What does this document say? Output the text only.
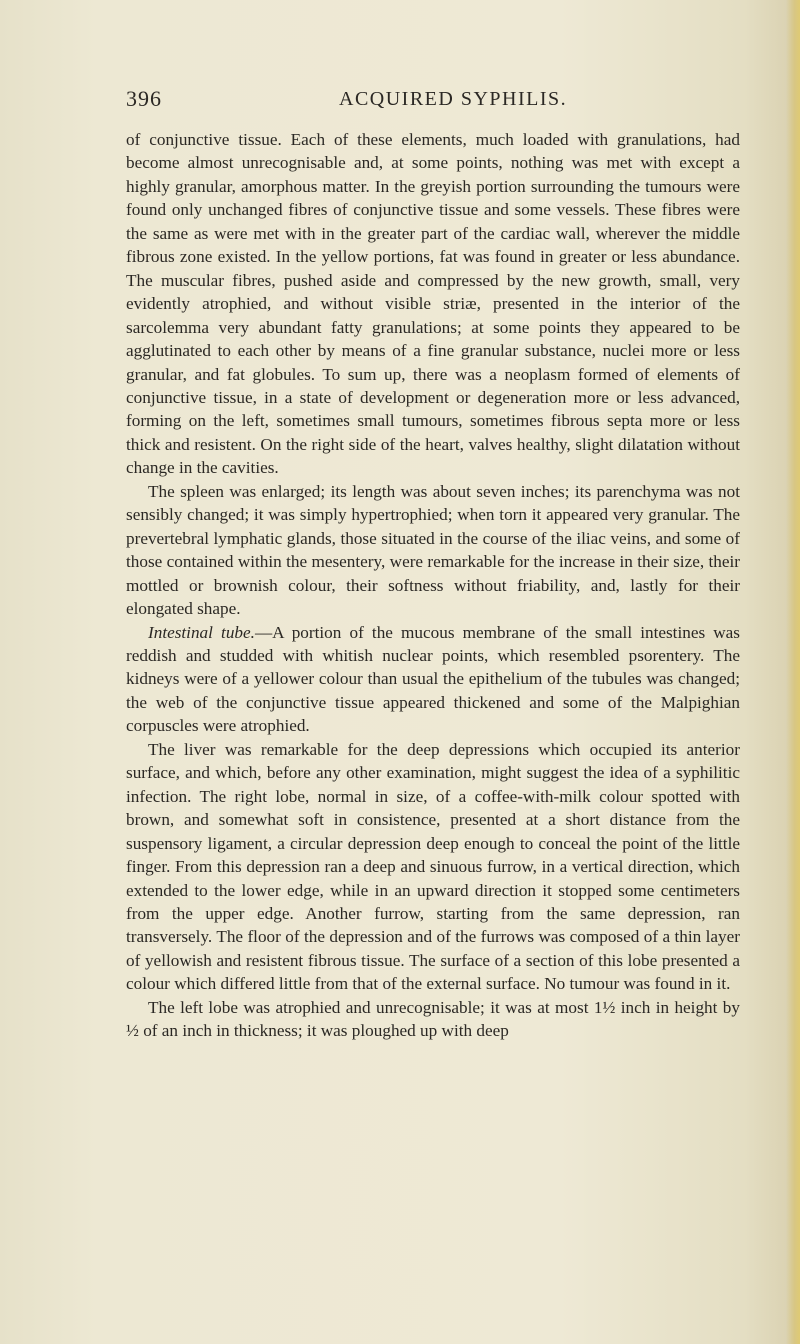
396	ACQUIRED SYPHILIS.

of conjunctive tissue. Each of these elements, much loaded with granulations, had become almost unrecognisable and, at some points, nothing was met with except a highly granular, amorphous matter. In the greyish portion surrounding the tumours were found only unchanged fibres of conjunctive tissue and some vessels. These fibres were the same as were met with in the greater part of the cardiac wall, wherever the middle fibrous zone existed. In the yellow portions, fat was found in greater or less abundance. The muscular fibres, pushed aside and compressed by the new growth, small, very evidently atrophied, and without visible striæ, presented in the interior of the sarcolemma very abundant fatty granulations; at some points they appeared to be agglutinated to each other by means of a fine granular substance, nuclei more or less granular, and fat globules. To sum up, there was a neoplasm formed of elements of conjunctive tissue, in a state of development or degeneration more or less advanced, forming on the left, sometimes small tumours, sometimes fibrous septa more or less thick and resistent. On the right side of the heart, valves healthy, slight dilatation without change in the cavities.

The spleen was enlarged; its length was about seven inches; its parenchyma was not sensibly changed; it was simply hypertrophied; when torn it appeared very granular. The prevertebral lymphatic glands, those situated in the course of the iliac veins, and some of those contained within the mesentery, were remarkable for the increase in their size, their mottled or brownish colour, their softness without friability, and, lastly for their elongated shape.

Intestinal tube.—A portion of the mucous membrane of the small intestines was reddish and studded with whitish nuclear points, which resembled psorentery. The kidneys were of a yellower colour than usual the epithelium of the tubules was changed; the web of the conjunctive tissue appeared thickened and some of the Malpighian corpuscles were atrophied.

The liver was remarkable for the deep depressions which occupied its anterior surface, and which, before any other examination, might suggest the idea of a syphilitic infection. The right lobe, normal in size, of a coffee-with-milk colour spotted with brown, and somewhat soft in consistence, presented at a short distance from the suspensory ligament, a circular depression deep enough to conceal the point of the little finger. From this depression ran a deep and sinuous furrow, in a vertical direction, which extended to the lower edge, while in an upward direction it stopped some centimeters from the upper edge. Another furrow, starting from the same depression, ran transversely. The floor of the depression and of the furrows was composed of a thin layer of yellowish and resistent fibrous tissue. The surface of a section of this lobe presented a colour which differed little from that of the external surface. No tumour was found in it.

The left lobe was atrophied and unrecognisable; it was at most 1½ inch in height by ½ of an inch in thickness; it was ploughed up with deep
